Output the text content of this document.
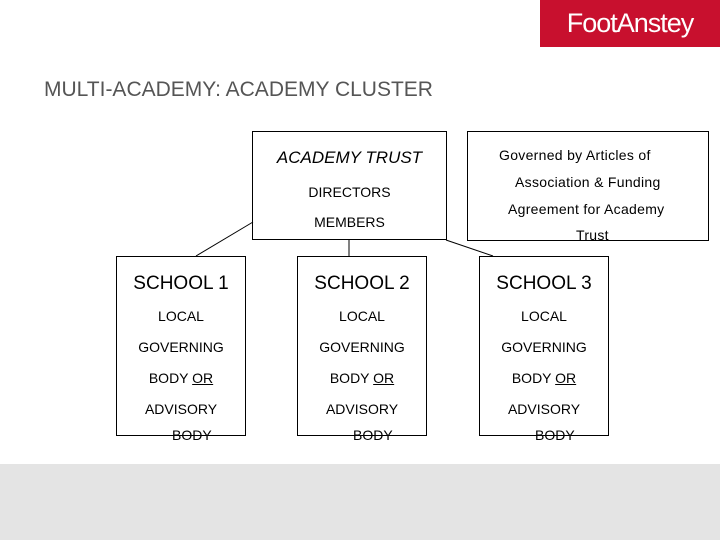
FootAnstey
MULTI-ACADEMY: ACADEMY CLUSTER
ACADEMY TRUST
DIRECTORS
MEMBERS
Governed by Articles of
Association & Funding
Agreement for Academy
Trust
SCHOOL 1
LOCAL
GOVERNING
BODY OR
ADVISORY
BODY
SCHOOL 2
LOCAL
GOVERNING
BODY OR
ADVISORY
BODY
SCHOOL 3
LOCAL
GOVERNING
BODY OR
ADVISORY
BODY
